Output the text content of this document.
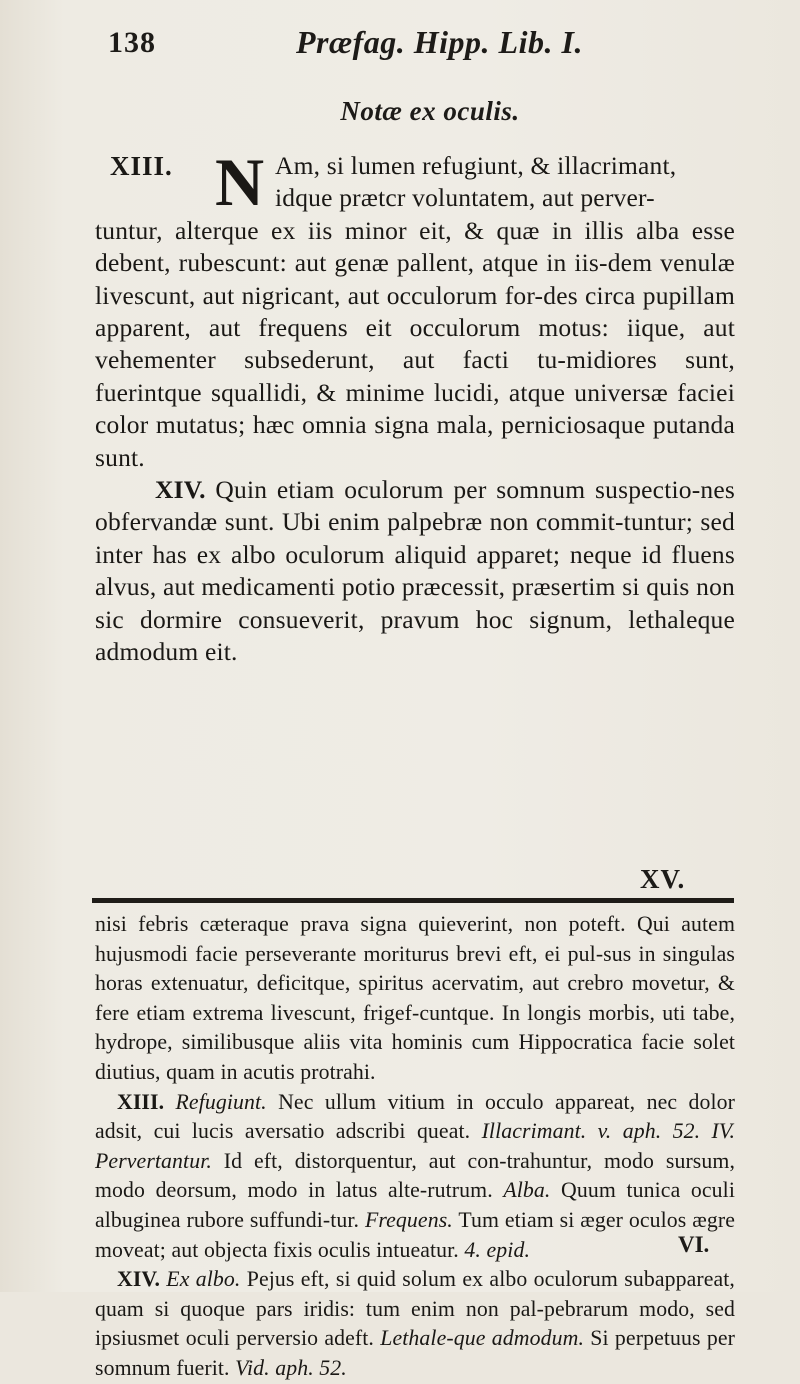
138	Præfag. Hipp. Lib. I.
Notæ ex oculis.
XIII. N Am, si lumen refugiunt, & illacrimant,

idque prætcr voluntatem, aut perver-

tuntur, alterque ex iis minor eit, & quæ in illis alba esse debent, rubescunt: aut genæ pallent, atque in iis-dem venulæ livescunt, aut nigricant, aut occulorum for-des circa pupillam apparent, aut frequens eit occulorum motus: iique, aut vehementer subsederunt, aut facti tu-midiores sunt, fuerintque squallidi, & minime lucidi, atque universæ faciei color mutatus; hæc omnia signa mala, perniciosaque putanda sunt.

XIV. Quin etiam oculorum per somnum suspectio-nes obfervandæ sunt. Ubi enim palpebræ non commit-tuntur; sed inter has ex albo oculorum aliquid apparet; neque id fluens alvus, aut medicamenti potio præcessit, præsertim si quis non sic dormire consueverit, pravum hoc signum, lethaleque admodum eit.

XV.

nisi febris cæteraque prava signa quieverint, non poteft. Qui autem hujusmodi facie perseverante moriturus brevi eft, ei pul-sus in singulas horas extenuatur, deficitque, spiritus acervatim, aut crebro movetur, & fere etiam extrema livescunt, frigef-cuntque. In longis morbis, uti tabe, hydrope, similibusque aliis vita hominis cum Hippocratica facie solet diutius, quam in acutis protrahi.

XIII. Refugiunt. Nec ullum vitium in occulo appareat, nec dolor adsit, cui lucis aversatio adscribi queat. Illacrimant. v. aph. 52. IV. Pervertantur. Id eft, distorquentur, aut con-trahuntur, modo sursum, modo deorsum, modo in latus alte-rutrum. Alba. Quum tunica oculi albuginea rubore suffundi-tur. Frequens. Tum etiam si æger oculos ægre moveat; aut objecta fixis oculis intueatur. 4. epid.

XIV. Ex albo. Pejus eft, si quid solum ex albo oculorum subappareat, quam si quoque pars iridis: tum enim non pal-pebrarum modo, sed ipsiusmet oculi perversio adeft. Lethale-que admodum. Si perpetuus per somnum fuerit. Vid. aph. 52.

VI.
